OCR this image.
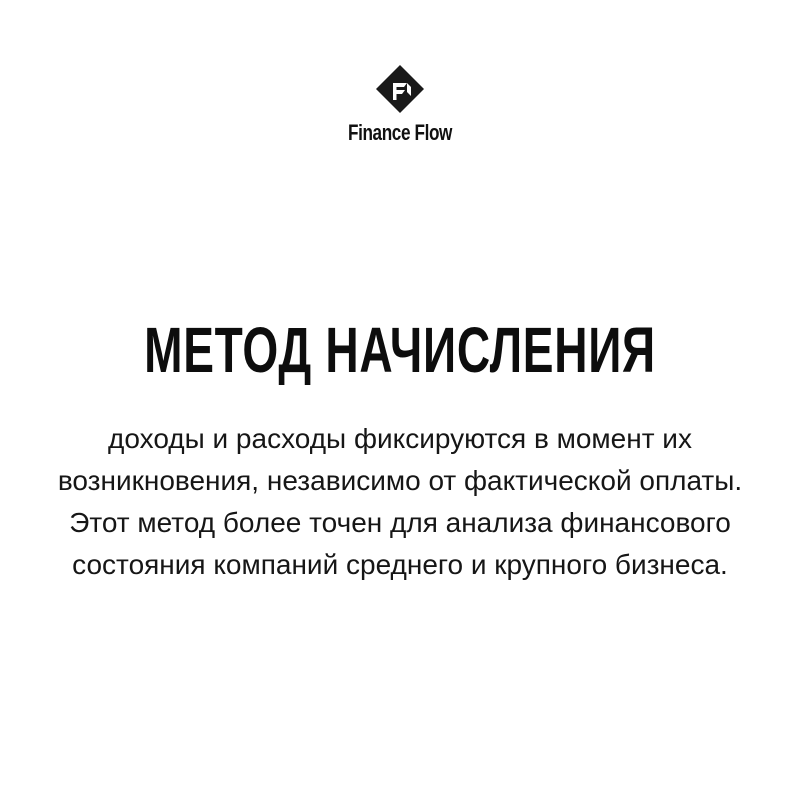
Finance Flow
МЕТОД НАЧИСЛЕНИЯ

доходы и расходы фиксируются в момент их возникновения, независимо от фактической оплаты. Этот метод более точен для анализа финансового состояния компаний среднего и крупного бизнеса.
